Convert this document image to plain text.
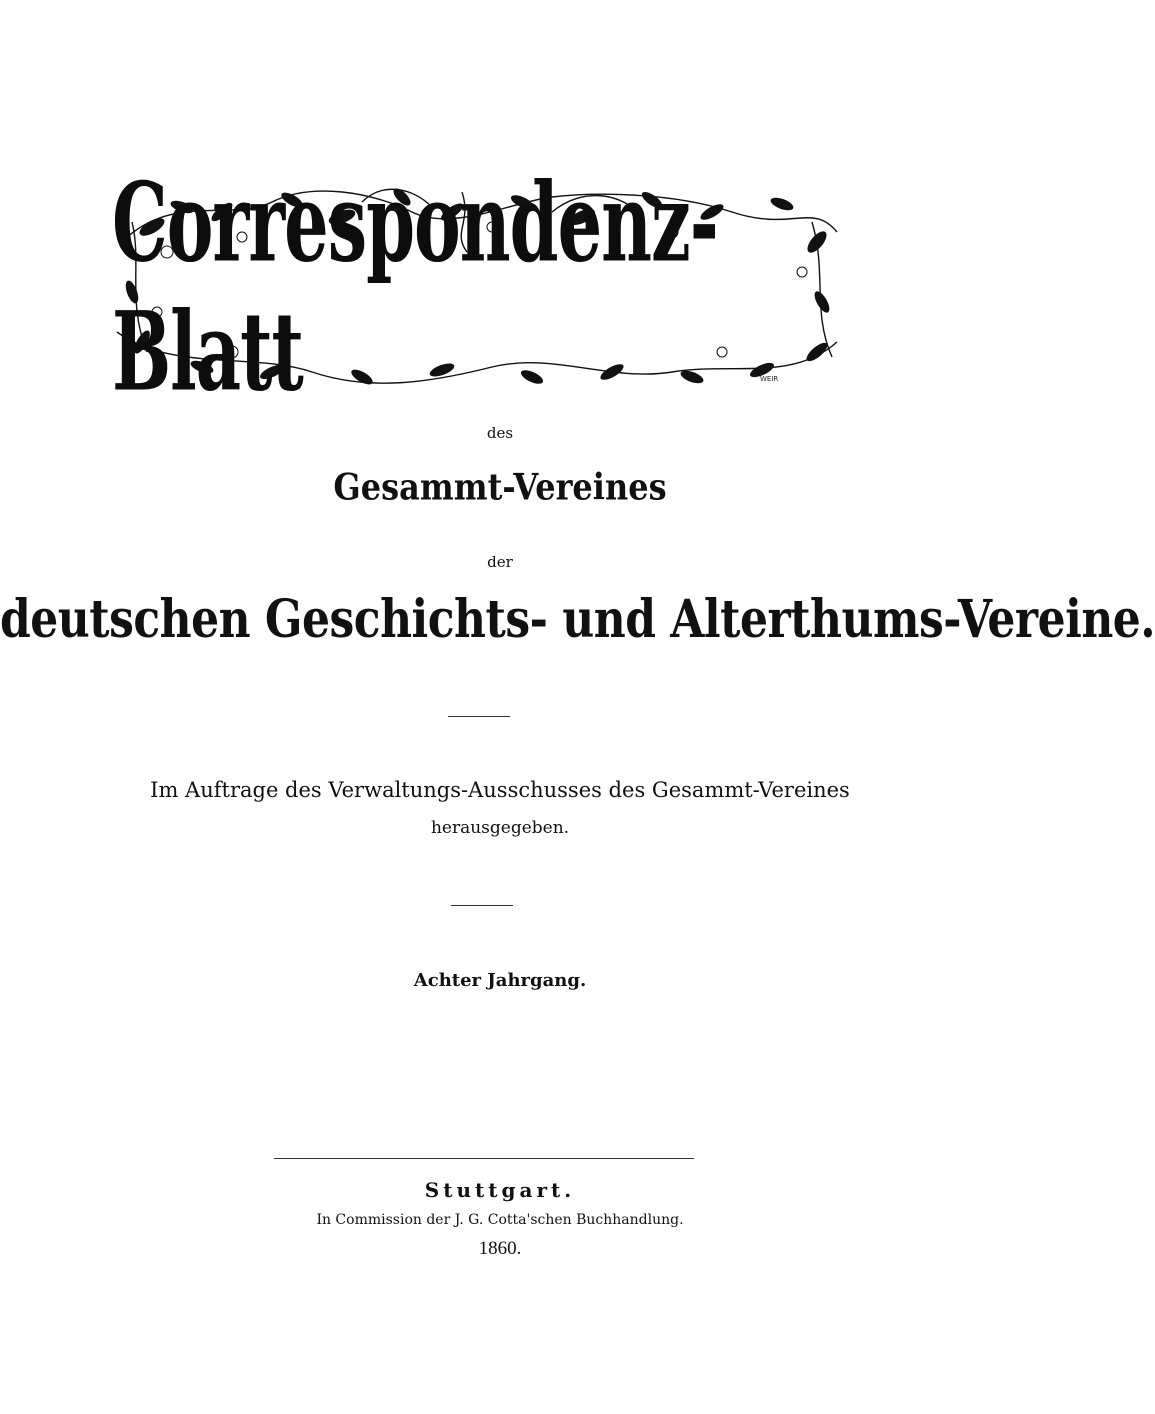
Correspondenz-Blatt	WEIR
des
Gesammt-Vereines
der
deutschen Geschichts- und Alterthums-Vereine.
Im Auftrage des Verwaltungs-Ausschusses des Gesammt-Vereines
herausgegeben.
Achter Jahrgang.
Stuttgart.
In Commission der J. G. Cotta'schen Buchhandlung.
1860.
